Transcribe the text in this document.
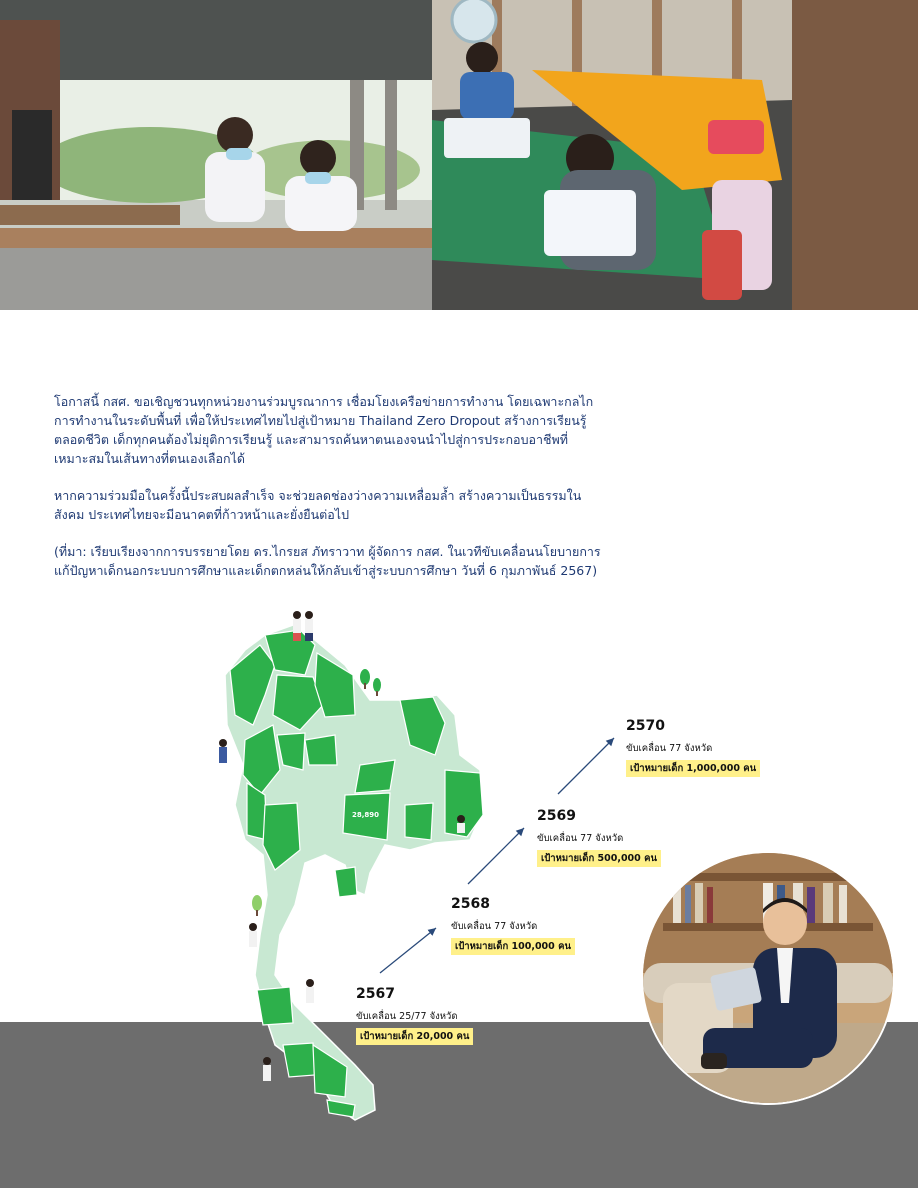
โอกาสนี้ กสศ. ขอเชิญชวนทุกหน่วยงานร่วมบูรณาการ เชื่อมโยงเครือข่ายการทำงาน โดยเฉพาะกลไกการทำงานในระดับพื้นที่ เพื่อให้ประเทศไทยไปสู่เป้าหมาย Thailand Zero Dropout สร้างการเรียนรู้ตลอดชีวิต เด็กทุกคนต้องไม่ยุติการเรียนรู้ และสามารถค้นหาตนเองจนนำไปสู่การประกอบอาชีพที่เหมาะสมในเส้นทางที่ตนเองเลือกได้

หากความร่วมมือในครั้งนี้ประสบผลสำเร็จ จะช่วยลดช่องว่างความเหลื่อมล้ำ สร้างความเป็นธรรมในสังคม ประเทศไทยจะมีอนาคตที่ก้าวหน้าและยั่งยืนต่อไป

(ที่มา: เรียบเรียงจากการบรรยายโดย ดร.ไกรยส ภัทราวาท ผู้จัดการ กสศ. ในเวทีขับเคลื่อนนโยบายการแก้ปัญหาเด็กนอกระบบการศึกษาและเด็กตกหล่นให้กลับเข้าสู่ระบบการศึกษา วันที่ 6 กุมภาพันธ์ 2567)

28,890
2567
ขับเคลื่อน 25/77 จังหวัด
เป้าหมายเด็ก 20,000 คน
2568
ขับเคลื่อน 77 จังหวัด
เป้าหมายเด็ก 100,000 คน
2569
ขับเคลื่อน 77 จังหวัด
เป้าหมายเด็ก 500,000 คน
2570
ขับเคลื่อน 77 จังหวัด
เป้าหมายเด็ก 1,000,000 คน
